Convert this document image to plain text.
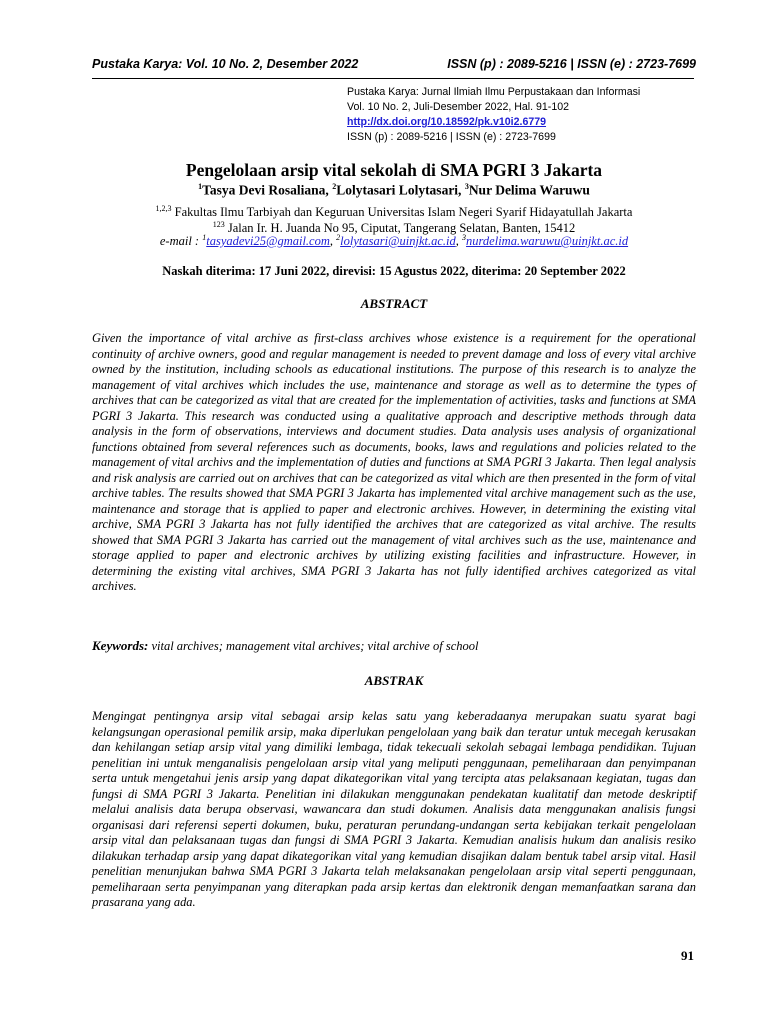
Pustaka Karya: Vol. 10 No. 2, Desember 2022	ISSN (p) : 2089-5216 | ISSN (e) : 2723-7699
Pustaka Karya: Jurnal Ilmiah Ilmu Perpustakaan dan Informasi
Vol. 10 No. 2, Juli-Desember 2022, Hal. 91-102
http://dx.doi.org/10.18592/pk.v10i2.6779
ISSN (p) : 2089-5216 | ISSN (e) : 2723-7699
Pengelolaan arsip vital sekolah di SMA PGRI 3 Jakarta
$^1$Tasya Devi Rosaliana, $^2$Lolytasari Lolytasari, $^3$Nur Delima Waruwu
$^{1,2,3}$ Fakultas Ilmu Tarbiyah dan Keguruan Universitas Islam Negeri Syarif Hidayatullah Jakarta
$^{123}$ Jalan Ir. H. Juanda No 95, Ciputat, Tangerang Selatan, Banten, 15412
e-mail : $^1$tasyadevi25@gmail.com, $^2$lolytasari@uinjkt.ac.id, $^3$nurdelima.waruwu@uinjkt.ac.id
Naskah diterima: 17 Juni 2022, direvisi: 15 Agustus 2022, diterima: 20 September 2022
ABSTRACT

Given the importance of vital archive as first-class archives whose existence is a requirement for the operational continuity of archive owners, good and regular management is needed to prevent damage and loss of every vital archive owned by the institution, including schools as educational institutions. The purpose of this research is to analyze the management of vital archives which includes the use, maintenance and storage as well as to determine the types of archives that can be categorized as vital that are created for the implementation of activities, tasks and functions at SMA PGRI 3 Jakarta. This research was conducted using a qualitative approach and descriptive methods through data analysis in the form of observations, interviews and document studies. Data analysis uses analysis of organizational functions obtained from several references such as documents, books, laws and regulations and policies related to the management of vital archivs and the implementation of duties and functions at SMA PGRI 3 Jakarta. Then legal analysis and risk analysis are carried out on archives that can be categorized as vital which are then presented in the form of vital archive tables. The results showed that SMA PGRI 3 Jakarta has implemented vital archive management such as the use, maintenance and storage that is applied to paper and electronic archives. However, in determining the existing vital archive, SMA PGRI 3 Jakarta has not fully identified the archives that are categorized as vital archive. The results showed that SMA PGRI 3 Jakarta has carried out the management of vital archives such as the use, maintenance and storage applied to paper and electronic archives by utilizing existing facilities and infrastructure. However, in determining the existing vital archives, SMA PGRI 3 Jakarta has not fully identified archives categorized as vital archives.

Keywords: vital archives; management vital archives; vital archive of school
ABSTRAK

Mengingat pentingnya arsip vital sebagai arsip kelas satu yang keberadaanya merupakan suatu syarat bagi kelangsungan operasional pemilik arsip, maka diperlukan pengelolaan yang baik dan teratur untuk mecegah kerusakan dan kehilangan setiap arsip vital yang dimiliki lembaga, tidak tekecuali sekolah sebagai lembaga pendidikan. Tujuan penelitian ini untuk menganalisis pengelolaan arsip vital yang meliputi penggunaan, pemeliharaan dan penyimpanan serta untuk mengetahui jenis arsip yang dapat dikategorikan vital yang tercipta atas pelaksanaan kegiatan, tugas dan fungsi di SMA PGRI 3 Jakarta. Penelitian ini dilakukan menggunakan pendekatan kualitatif dan metode deskriptif melalui analisis data berupa observasi, wawancara dan studi dokumen. Analisis data menggunakan analisis fungsi organisasi dari referensi seperti dokumen, buku, peraturan perundang-undangan serta kebijakan terkait pengelolaan arsip vital dan pelaksanaan tugas dan fungsi di SMA PGRI 3 Jakarta. Kemudian analisis hukum dan analisis resiko dilakukan terhadap arsip yang dapat dikategorikan vital yang kemudian disajikan dalam bentuk tabel arsip vital. Hasil penelitian menunjukan bahwa SMA PGRI 3 Jakarta telah melaksanakan pengelolaan arsip vital seperti penggunaan, pemeliharaan serta penyimpanan yang diterapkan pada arsip kertas dan elektronik dengan memanfaatkan sarana dan prasarana yang ada.

91
